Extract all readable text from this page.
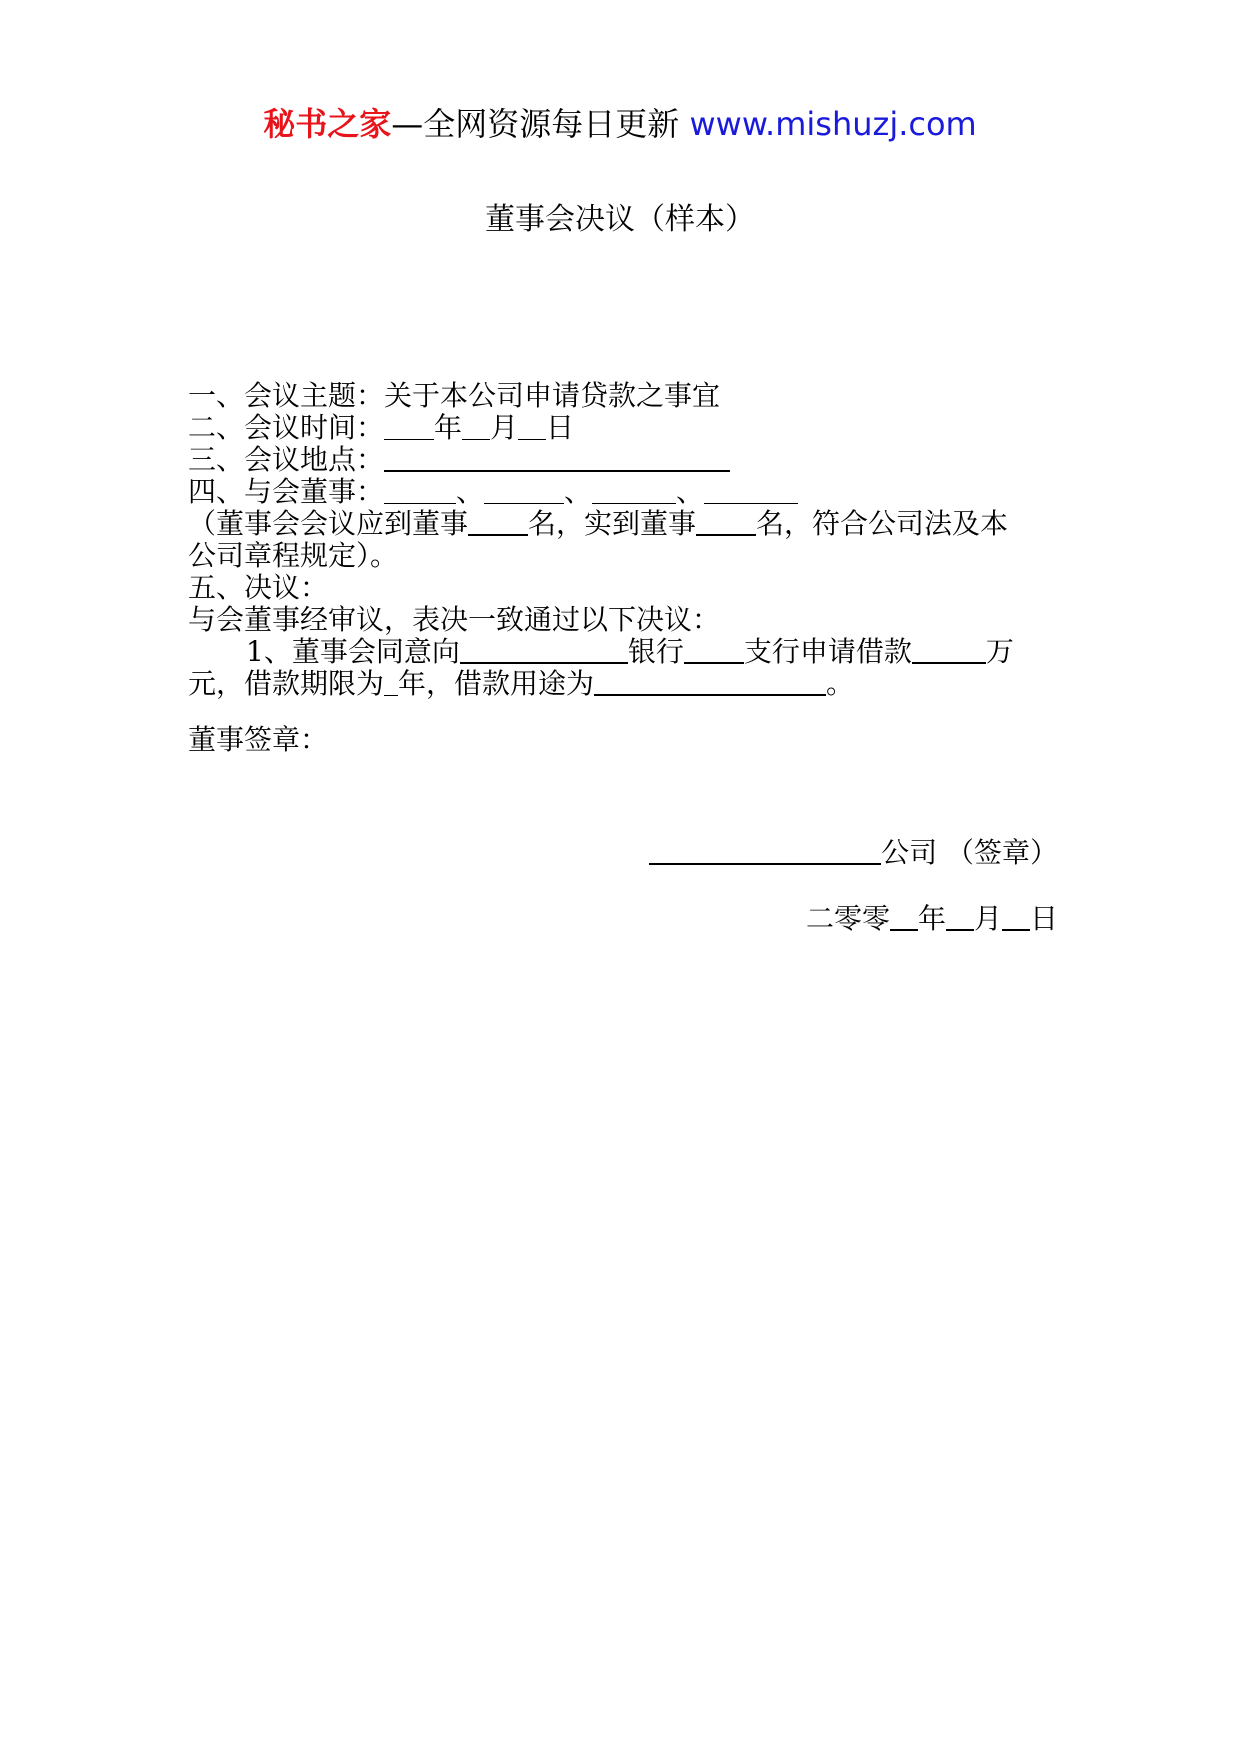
秘书之家—全网资源每日更新 www.mishuzj.com
董事会决议（样本）
一、会议主题：关于本公司申请贷款之事宜
二、会议时间： 年 月 日
三、会议地点：
四、与会董事：	、	、	、
（董事会会议应到董事 名，实到董事 名，符合公司法及本
公司章程规定）。
五、决议：
与会董事经审议，表决一致通过以下决议：
1、董事会同意向	银行 支行申请借款	万
元，借款期限为 年，借款用途为	。
董事签章：
公司 （签章）
二零零 年 月 日
